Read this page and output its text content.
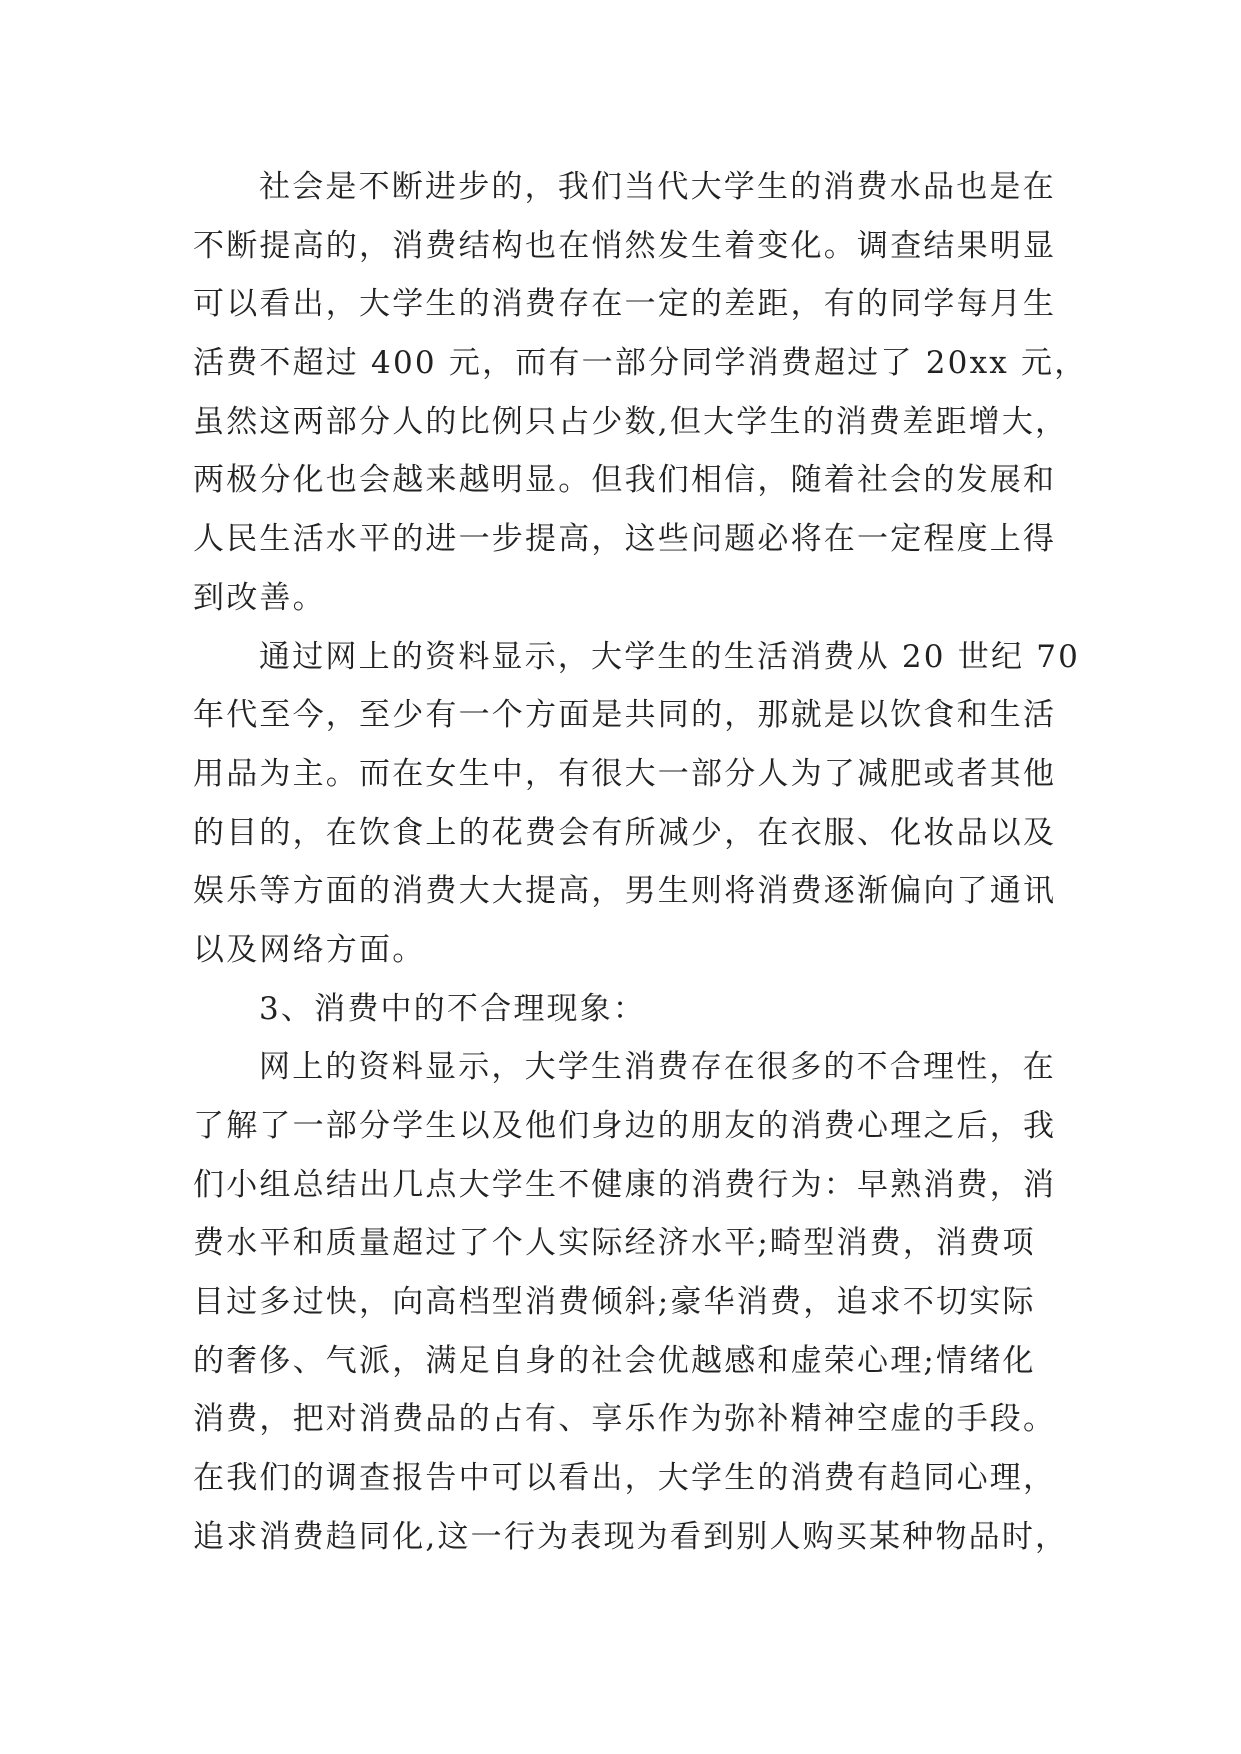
社会是不断进步的，我们当代大学生的消费水品也是在
不断提高的，消费结构也在悄然发生着变化。调查结果明显
可以看出，大学生的消费存在一定的差距，有的同学每月生
活费不超过 400 元，而有一部分同学消费超过了 20xx 元，
虽然这两部分人的比例只占少数,但大学生的消费差距增大，
两极分化也会越来越明显。但我们相信，随着社会的发展和
人民生活水平的进一步提高，这些问题必将在一定程度上得
到改善。
通过网上的资料显示，大学生的生活消费从 20 世纪 70
年代至今，至少有一个方面是共同的，那就是以饮食和生活
用品为主。而在女生中，有很大一部分人为了减肥或者其他
的目的，在饮食上的花费会有所减少，在衣服、化妆品以及
娱乐等方面的消费大大提高，男生则将消费逐渐偏向了通讯
以及网络方面。
3、消费中的不合理现象：
网上的资料显示，大学生消费存在很多的不合理性，在
了解了一部分学生以及他们身边的朋友的消费心理之后，我
们小组总结出几点大学生不健康的消费行为：早熟消费，消
费水平和质量超过了个人实际经济水平;畸型消费，消费项
目过多过快，向高档型消费倾斜;豪华消费，追求不切实际
的奢侈、气派，满足自身的社会优越感和虚荣心理;情绪化
消费，把对消费品的占有、享乐作为弥补精神空虚的手段。
在我们的调查报告中可以看出，大学生的消费有趋同心理，
追求消费趋同化,这一行为表现为看到别人购买某种物品时，
